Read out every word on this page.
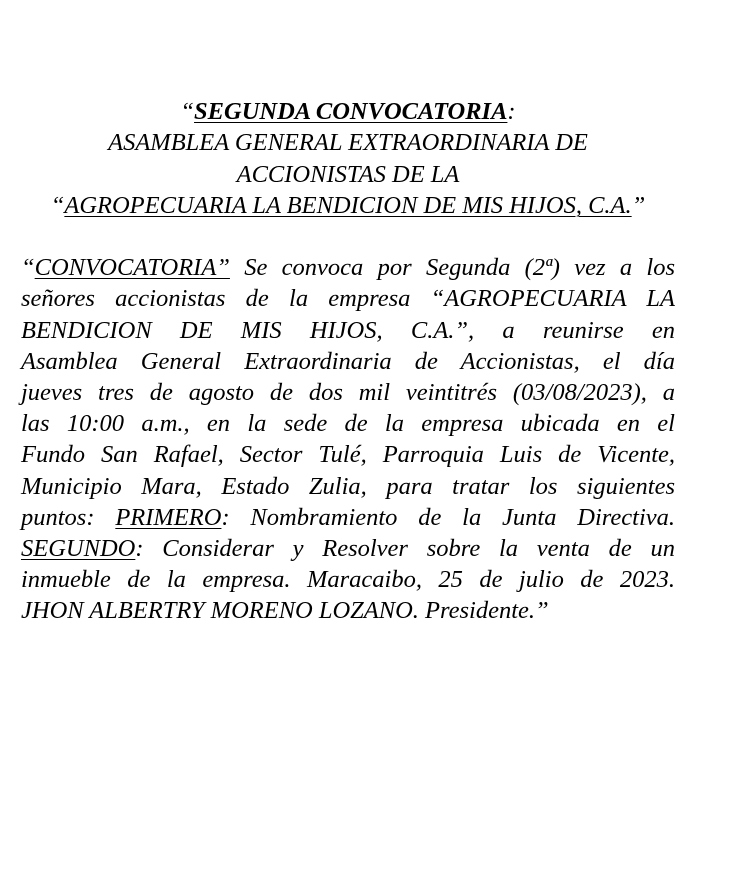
“SEGUNDA CONVOCATORIA:
ASAMBLEA GENERAL EXTRAORDINARIA DE
ACCIONISTAS DE LA
“AGROPECUARIA LA BENDICION DE MIS HIJOS, C.A.”
“CONVOCATORIA” Se convoca por Segunda (2ª) vez a los
señores accionistas de la empresa “AGROPECUARIA LA
BENDICION DE MIS HIJOS, C.A.”, a reunirse en
Asamblea General Extraordinaria de Accionistas, el día
jueves tres de agosto de dos mil veintitrés (03/08/2023), a
las 10:00 a.m., en la sede de la empresa ubicada en el
Fundo San Rafael, Sector Tulé, Parroquia Luis de Vicente,
Municipio Mara, Estado Zulia, para tratar los siguientes
puntos: PRIMERO: Nombramiento de la Junta Directiva.
SEGUNDO: Considerar y Resolver sobre la venta de un
inmueble de la empresa. Maracaibo, 25 de julio de 2023.
JHON ALBERTRY MORENO LOZANO. Presidente.”
